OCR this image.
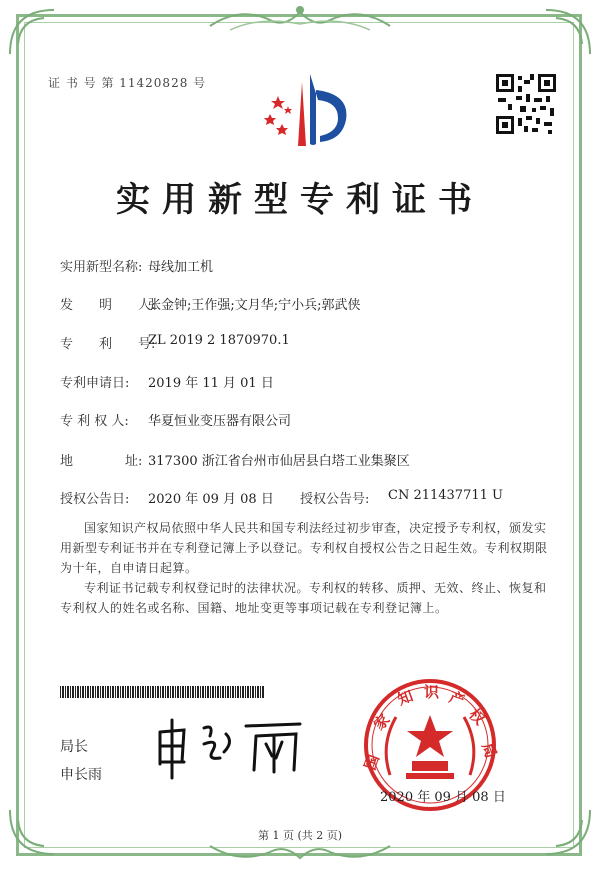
证 书 号 第 11420828 号
实用新型专利证书
实用新型名称: 母线加工机
发　　明　　人:
张金钟;王作强;文月华;宁小兵;郭武侠
专　　利　　号:
ZL 2019 2 1870970.1
专利申请日: 2019 年 11 月 01 日
专 利 权 人: 华夏恒业变压器有限公司
地　　　　址: 317300 浙江省台州市仙居县白塔工业集聚区
授权公告日: 2020 年 09 月 08 日 授权公告号: CN 211437711 U
国家知识产权局依照中华人民共和国专利法经过初步审查，决定授予专利权，颁发实用新型专利证书并在专利登记簿上予以登记。专利权自授权公告之日起生效。专利权期限为十年，自申请日起算。
专利证书记载专利权登记时的法律状况。专利权的转移、质押、无效、终止、恢复和专利权人的姓名或名称、国籍、地址变更等事项记载在专利登记簿上。
局长
申长雨
国
家
知 识 产
权
局
2020 年 09 月 08 日
第 1 页 (共 2 页)
